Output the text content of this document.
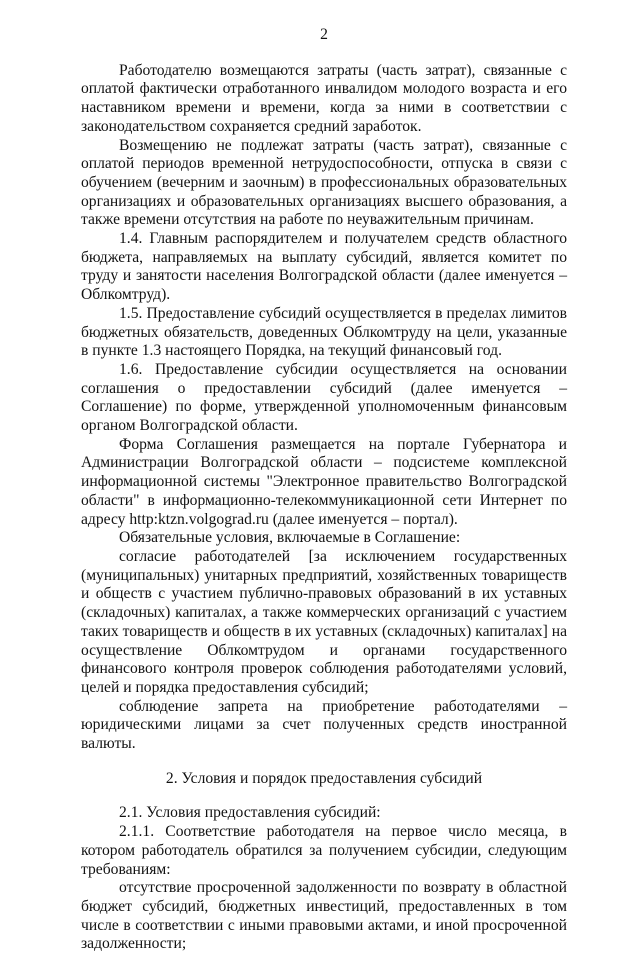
2

Работодателю возмещаются затраты (часть затрат), связанные с оплатой фактически отработанного инвалидом молодого возраста и его наставником времени и времени, когда за ними в соответствии с законодательством сохраняется средний заработок.

Возмещению не подлежат затраты (часть затрат), связанные с оплатой периодов временной нетрудоспособности, отпуска в связи с обучением (вечерним и заочным) в профессиональных образовательных организациях и образовательных организациях высшего образования, а также времени отсутствия на работе по неуважительным причинам.

1.4. Главным распорядителем и получателем средств областного бюджета, направляемых на выплату субсидий, является комитет по труду и занятости населения Волгоградской области (далее именуется – Облкомтруд).

1.5. Предоставление субсидий осуществляется в пределах лимитов бюджетных обязательств, доведенных Облкомтруду на цели, указанные в пункте 1.3 настоящего Порядка, на текущий финансовый год.

1.6. Предоставление субсидии осуществляется на основании соглашения о предоставлении субсидий (далее именуется – Соглашение) по форме, утвержденной уполномоченным финансовым органом Волгоградской области.

Форма Соглашения размещается на портале Губернатора и Администрации Волгоградской области – подсистеме комплексной информационной системы "Электронное правительство Волгоградской области" в информационно-телекоммуникационной сети Интернет по адресу http:ktzn.volgograd.ru (далее именуется – портал).

Обязательные условия, включаемые в Соглашение:

согласие работодателей [за исключением государственных (муниципальных) унитарных предприятий, хозяйственных товариществ и обществ с участием публично-правовых образований в их уставных (складочных) капиталах, а также коммерческих организаций с участием таких товариществ и обществ в их уставных (складочных) капиталах] на осуществление Облкомтрудом и органами государственного финансового контроля проверок соблюдения работодателями условий, целей и порядка предоставления субсидий;

соблюдение запрета на приобретение работодателями – юридическими лицами за счет полученных средств иностранной валюты.

2. Условия и порядок предоставления субсидий

2.1. Условия предоставления субсидий:

2.1.1. Соответствие работодателя на первое число месяца, в котором работодатель обратился за получением субсидии, следующим требованиям:

отсутствие просроченной задолженности по возврату в областной бюджет субсидий, бюджетных инвестиций, предоставленных в том числе в соответствии с иными правовыми актами, и иной просроченной задолженности;
